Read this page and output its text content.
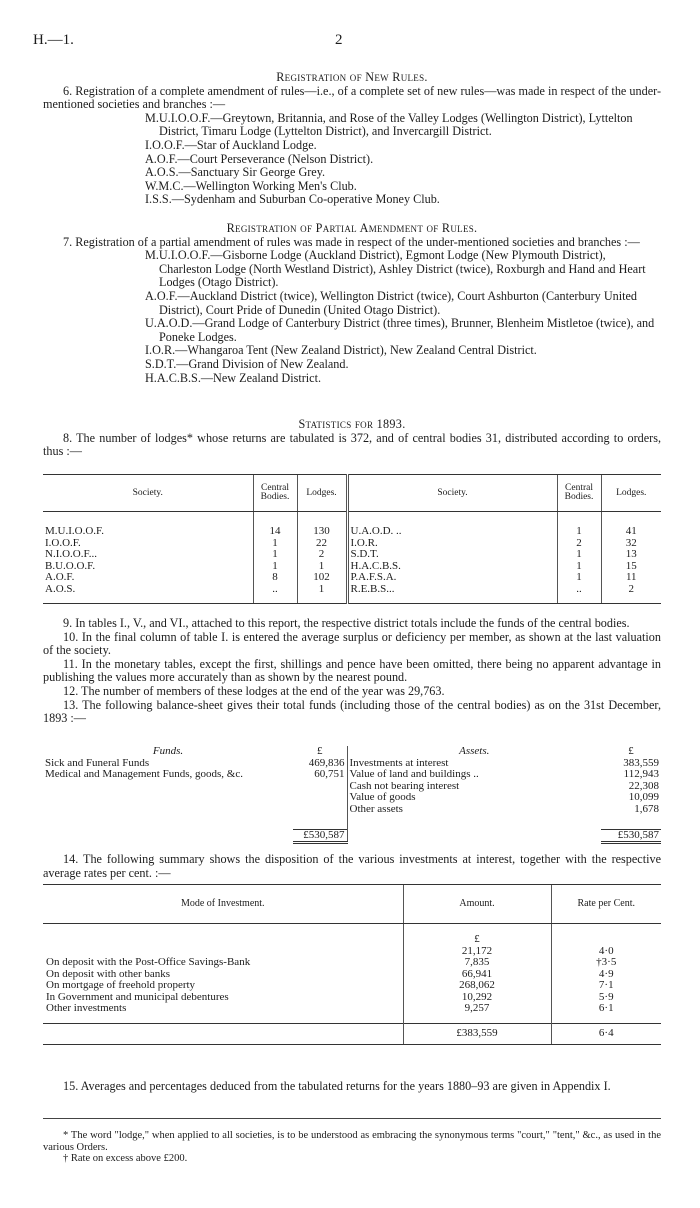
H.—1.	2
Registration of New Rules.

6. Registration of a complete amendment of rules—i.e., of a complete set of new rules—was made in respect of the under-mentioned societies and branches :—

M.U.I.O.O.F.—Greytown, Britannia, and Rose of the Valley Lodges (Wellington District), Lyttelton District, Timaru Lodge (Lyttelton District), and Invercargill District.

I.O.O.F.—Star of Auckland Lodge.

A.O.F.—Court Perseverance (Nelson District).

A.O.S.—Sanctuary Sir George Grey.

W.M.C.—Wellington Working Men's Club.

I.S.S.—Sydenham and Suburban Co-operative Money Club.

Registration of Partial Amendment of Rules.

7. Registration of a partial amendment of rules was made in respect of the under-mentioned societies and branches :—

M.U.I.O.O.F.—Gisborne Lodge (Auckland District), Egmont Lodge (New Plymouth District), Charleston Lodge (North Westland District), Ashley District (twice), Roxburgh and Hand and Heart Lodges (Otago District).

A.O.F.—Auckland District (twice), Wellington District (twice), Court Ashburton (Canterbury United District), Court Pride of Dunedin (United Otago District).

U.A.O.D.—Grand Lodge of Canterbury District (three times), Brunner, Blenheim Mistletoe (twice), and Poneke Lodges.

I.O.R.—Whangaroa Tent (New Zealand District), New Zealand Central District.

S.D.T.—Grand Division of New Zealand.

H.A.C.B.S.—New Zealand District.

Statistics for 1893.

8. The number of lodges* whose returns are tabulated is 372, and of central bodies 31, distributed according to orders, thus :—

Society.	Central Bodies.	Lodges.	Society.	Central Bodies.	Lodges.

M.U.I.O.O.F.	14	130	U.A.O.D. ..	1	41
I.O.O.F.	1	22	I.O.R.	2	32
N.I.O.O.F...	1	2	S.D.T.	1	13
B.U.O.O.F.	1	1	H.A.C.B.S.	1	15
A.O.F.	8	102	P.A.F.S.A.	1	11
A.O.S.	..	1	R.E.B.S...	..	2

9. In tables I., V., and VI., attached to this report, the respective district totals include the funds of the central bodies.

10. In the final column of table I. is entered the average surplus or deficiency per member, as shown at the last valuation of the society.

11. In the monetary tables, except the first, shillings and pence have been omitted, there being no apparent advantage in publishing the values more accurately than as shown by the nearest pound.

12. The number of members of these lodges at the end of the year was 29,763.

13. The following balance-sheet gives their total funds (including those of the central bodies) as on the 31st December, 1893 :—

Funds.	£	Assets.	£
Sick and Funeral Funds	469,836	Investments at interest	383,559
Medical and Management Funds, goods, &c.	60,751	Value of land and buildings ..	112,943
		Cash not bearing interest	22,308
		Value of goods	10,099
		Other assets	1,678

	£530,587		£530,587

14. The following summary shows the disposition of the various investments at interest, together with the respective average rates per cent. :—

Mode of Investment.	Amount.	Rate per Cent.

	£	
	21,172	4·0
On deposit with the Post-Office Savings-Bank	7,835	†3·5
On deposit with other banks	66,941	4·9
On mortgage of freehold property	268,062	7·1
In Government and municipal debentures	10,292	5·9
Other investments	9,257	6·1

	£383,559	6·4

15. Averages and percentages deduced from the tabulated returns for the years 1880–93 are given in Appendix I.

* The word "lodge," when applied to all societies, is to be understood as embracing the synonymous terms "court," "tent," &c., as used in the various Orders.

† Rate on excess above £200.
